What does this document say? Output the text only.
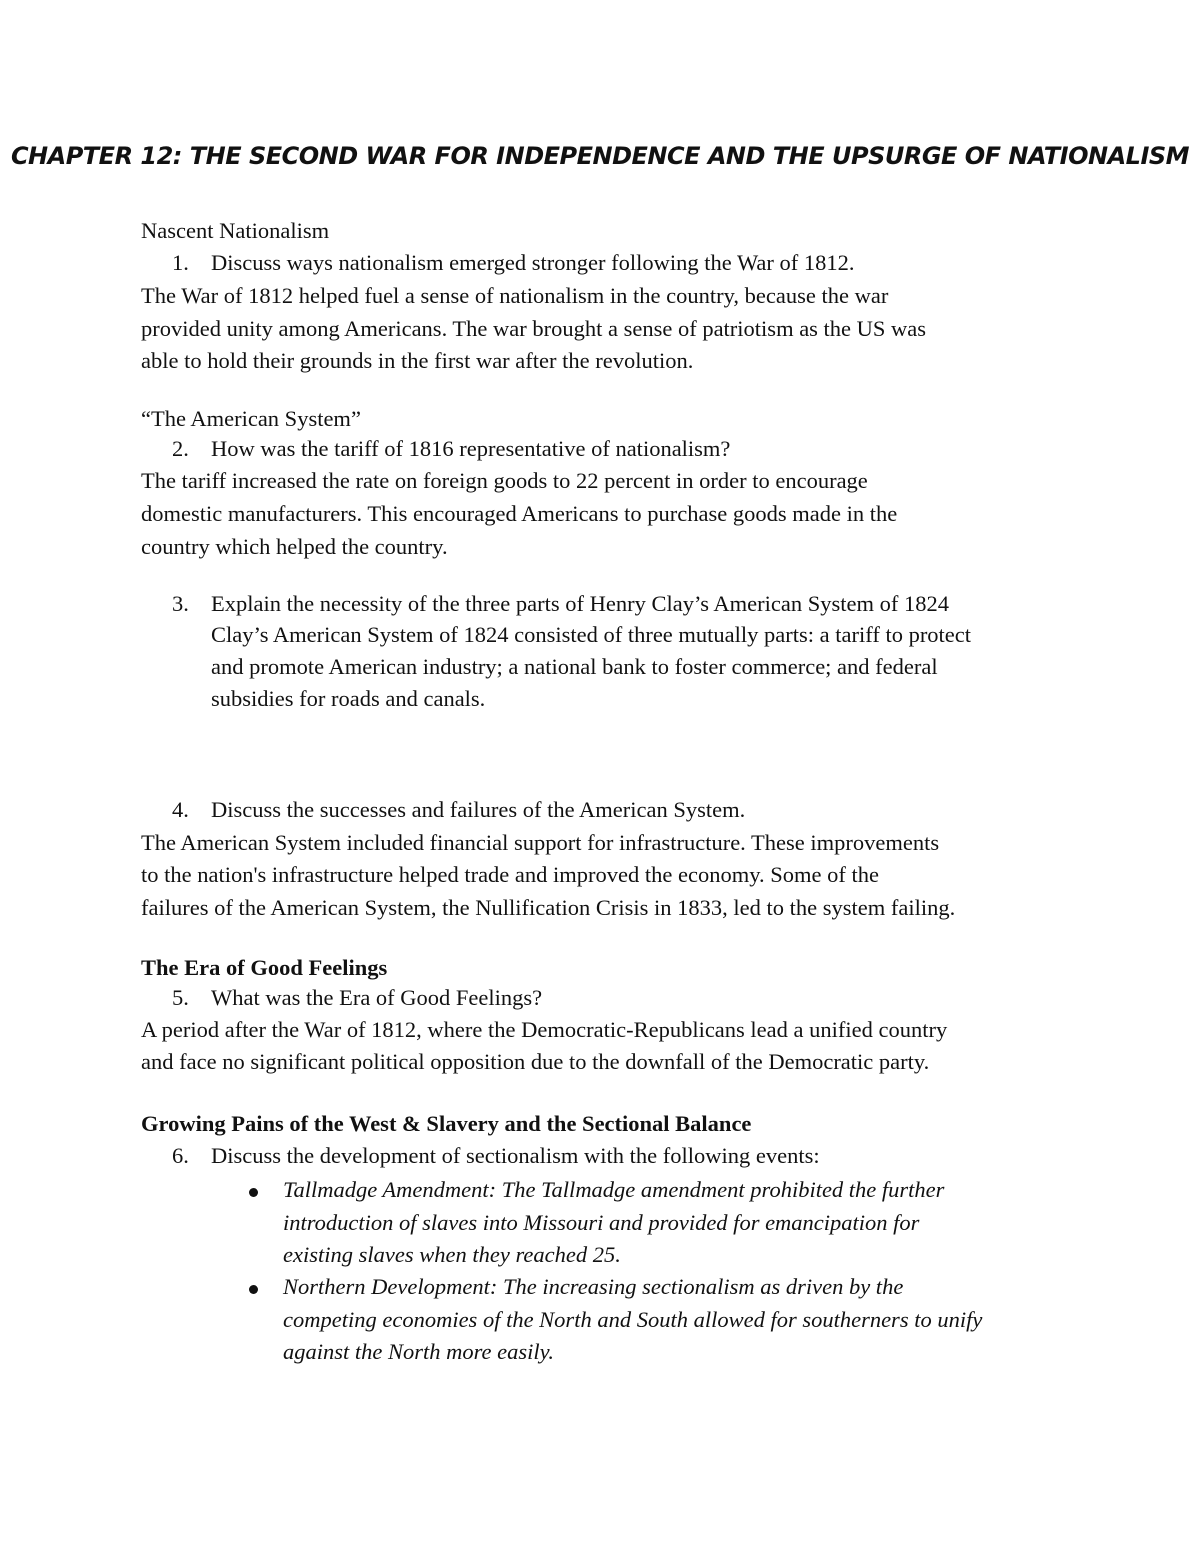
CHAPTER 12: THE SECOND WAR FOR INDEPENDENCE AND THE UPSURGE OF NATIONALISM
Nascent Nationalism
1. Discuss ways nationalism emerged stronger following the War of 1812.
The War of 1812 helped fuel a sense of nationalism in the country, because the war
provided unity among Americans. The war brought a sense of patriotism as the US was
able to hold their grounds in the first war after the revolution.
“The American System”
2. How was the tariff of 1816 representative of nationalism?
The tariff increased the rate on foreign goods to 22 percent in order to encourage
domestic manufacturers. This encouraged Americans to purchase goods made in the
country which helped the country.
3. Explain the necessity of the three parts of Henry Clay’s American System of 1824
Clay’s American System of 1824 consisted of three mutually parts: a tariff to protect
and promote American industry; a national bank to foster commerce; and federal
subsidies for roads and canals.
4. Discuss the successes and failures of the American System.
The American System included financial support for infrastructure. These improvements
to the nation's infrastructure helped trade and improved the economy. Some of the
failures of the American System, the Nullification Crisis in 1833, led to the system failing.
The Era of Good Feelings
5. What was the Era of Good Feelings?
A period after the War of 1812, where the Democratic-Republicans lead a unified country
and face no significant political opposition due to the downfall of the Democratic party.
Growing Pains of the West & Slavery and the Sectional Balance
6. Discuss the development of sectionalism with the following events:
Tallmadge Amendment: The Tallmadge amendment prohibited the further
introduction of slaves into Missouri and provided for emancipation for
existing slaves when they reached 25.
Northern Development: The increasing sectionalism as driven by the
competing economies of the North and South allowed for southerners to unify
against the North more easily.
